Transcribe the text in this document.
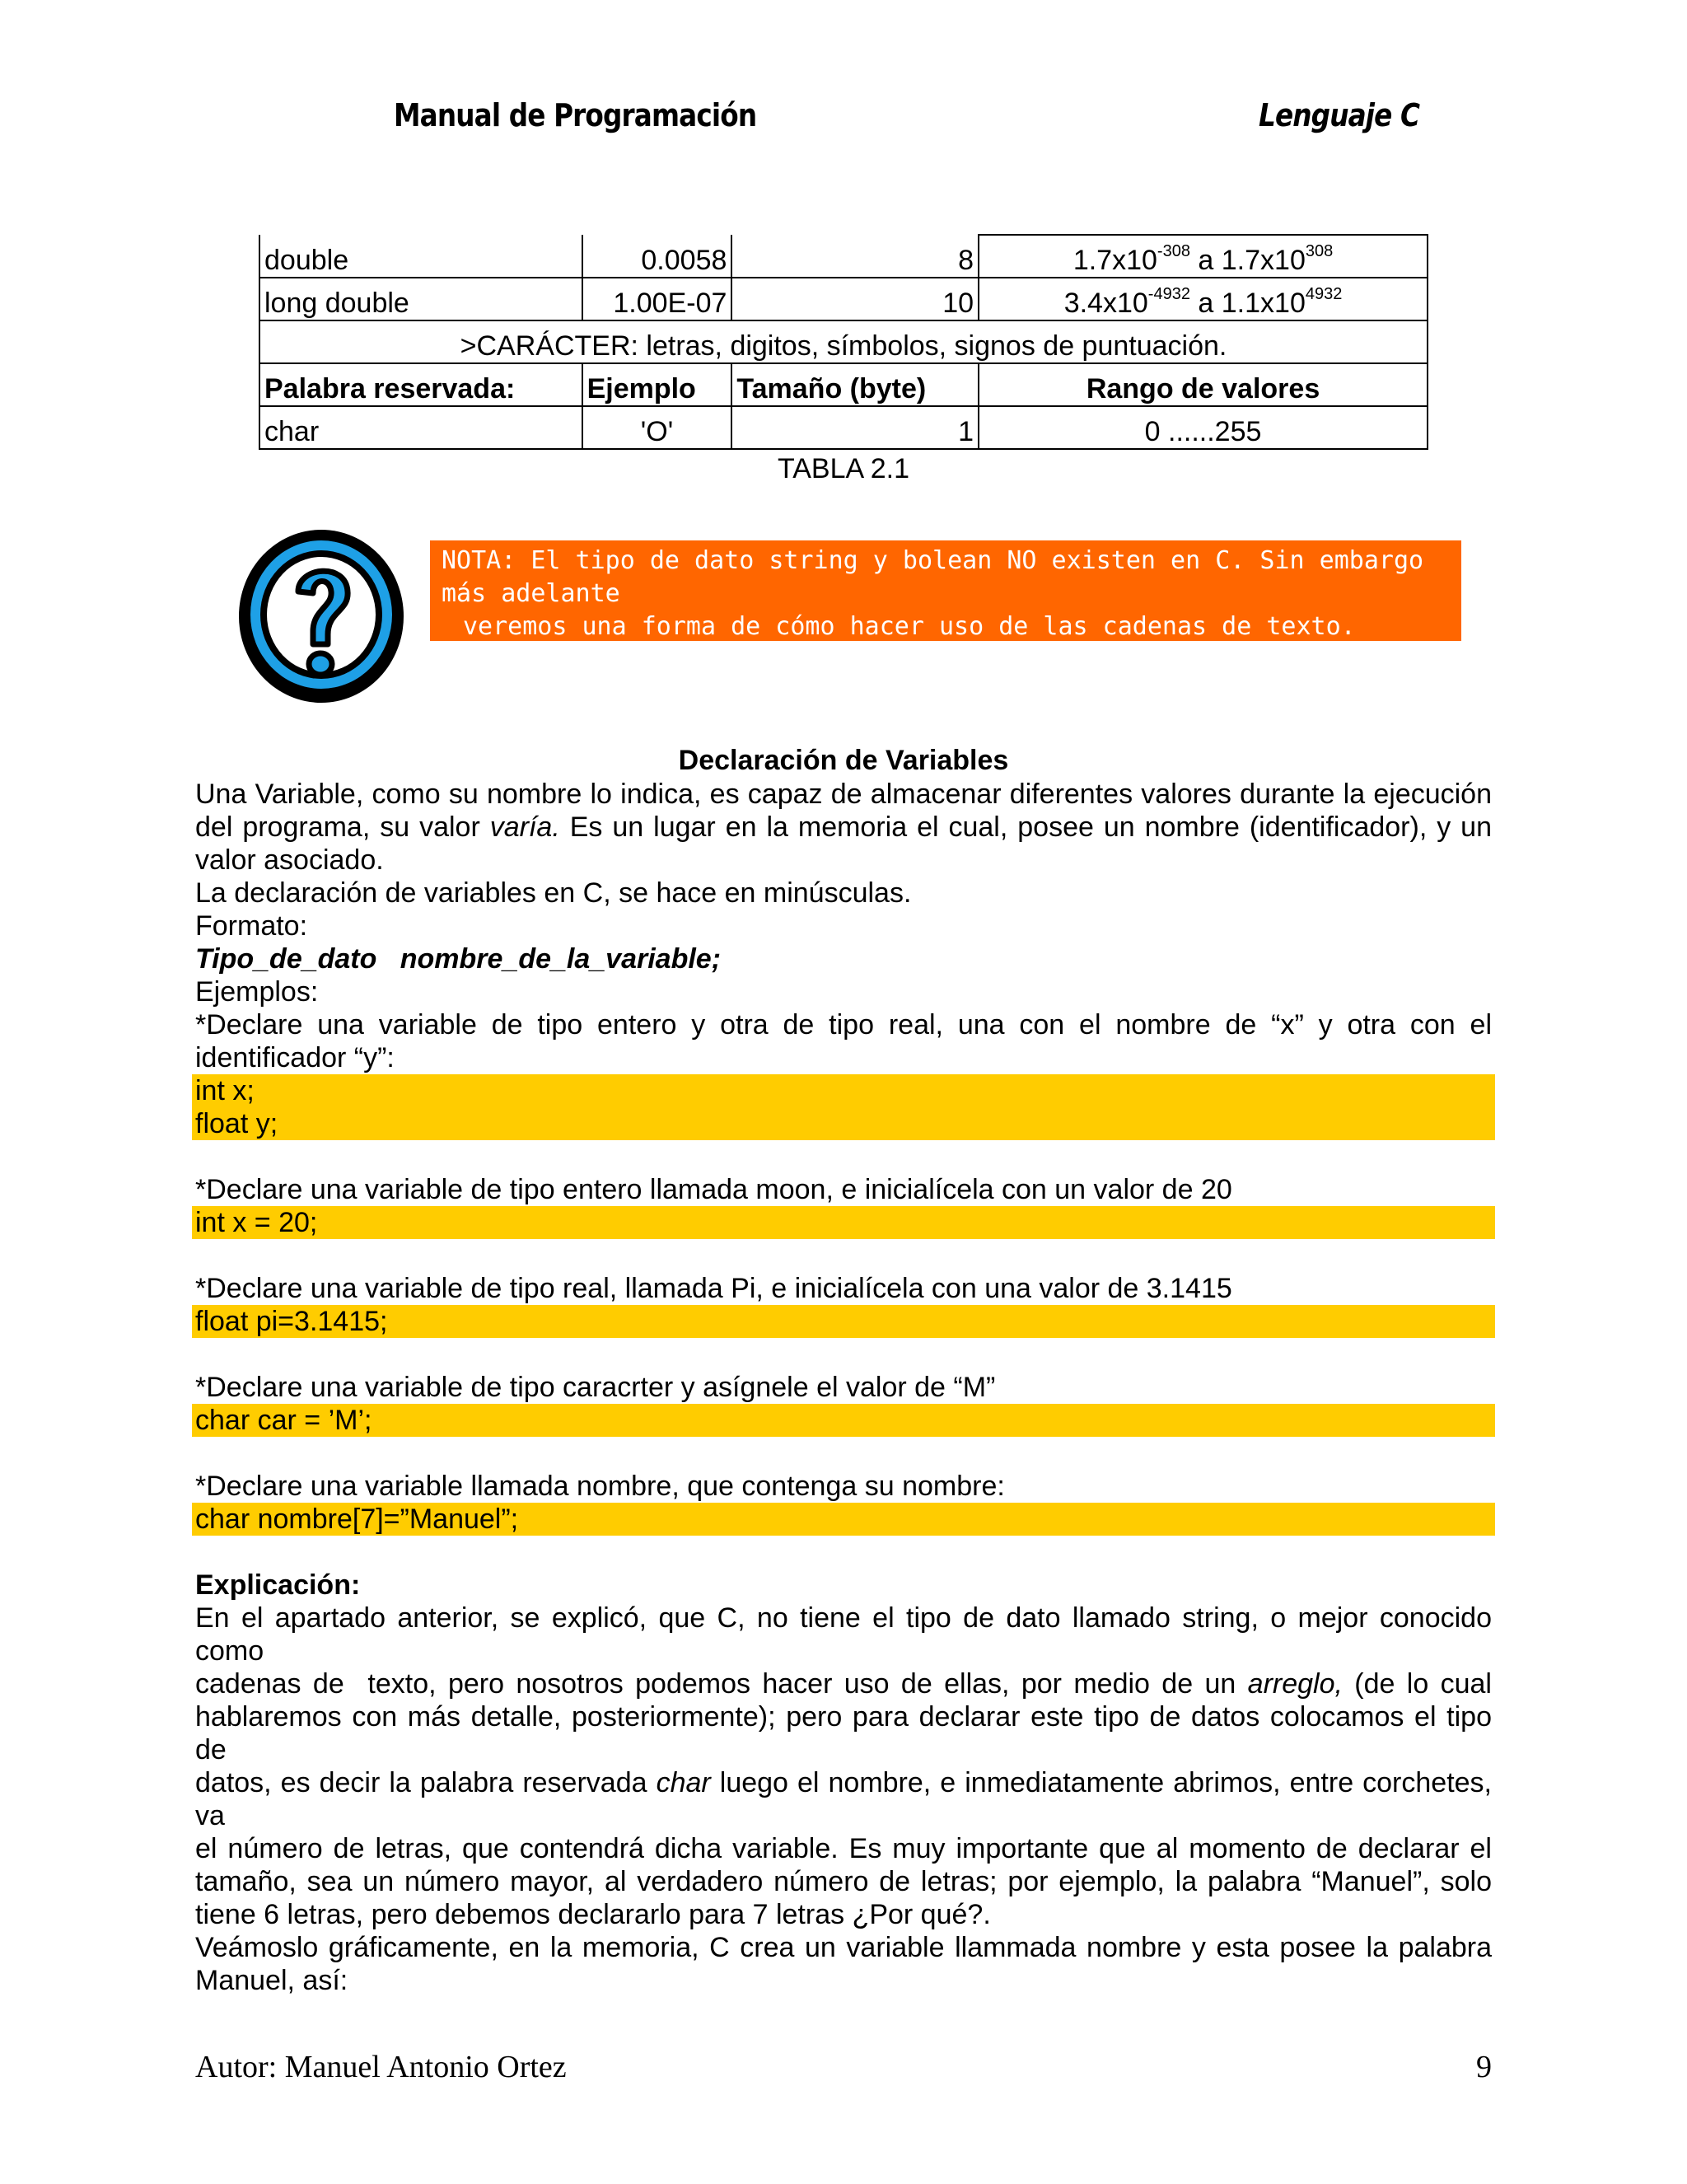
Manual de Programación	Lenguaje C
double	0.0058	8	$1.7x10^{-308}$ a $1.7x10^{308}$
long double	1.00E-07	10	$3.4x10^{-4932}$ a $1.1x10^{4932}$
>CARÁCTER: letras, digitos, símbolos, signos de puntuación.			
Palabra reservada:	Ejemplo	Tamaño (byte)	Rango de valores
char	'O'	1	0 ......255
TABLA 2.1
NOTA: El tipo de dato string y bolean NO existen en C. Sin embargo más adelante
veremos una forma de cómo hacer uso de las cadenas de texto.
Declaración de Variables
Una Variable, como su nombre lo indica, es capaz de almacenar diferentes valores durante la ejecución
del programa, su valor varía. Es un lugar en la memoria el cual, posee un nombre (identificador), y un
valor asociado.
La declaración de variables en C, se hace en minúsculas.
Formato:
Tipo_de_dato   nombre_de_la_variable;
Ejemplos:
*Declare una variable de tipo entero y otra de tipo real, una con el nombre de “x” y otra con el
identificador “y”:
int x;
float y;
*Declare una variable de tipo entero llamada moon, e inicialícela con un valor de 20
int x = 20;
*Declare una variable de tipo real, llamada Pi, e inicialícela con una valor de 3.1415
float pi=3.1415;
*Declare una variable de tipo caracrter y asígnele el valor de “M”
char car = ’M’;
*Declare una variable llamada nombre, que contenga su nombre:
char nombre[7]=”Manuel”;
Explicación:
En el apartado anterior, se explicó, que C, no tiene el tipo de dato llamado string, o mejor conocido como
cadenas de  texto, pero nosotros podemos hacer uso de ellas, por medio de un arreglo, (de lo cual
hablaremos con más detalle, posteriormente); pero para declarar este tipo de datos colocamos el tipo de
datos, es decir la palabra reservada char luego el nombre, e inmediatamente abrimos, entre corchetes, va
el número de letras, que contendrá dicha variable. Es muy importante que al momento de declarar el
tamaño, sea un número mayor, al verdadero número de letras; por ejemplo, la palabra “Manuel”, solo
tiene 6 letras, pero debemos declararlo para 7 letras ¿Por qué?.
Veámoslo gráficamente, en la memoria, C crea un variable llammada nombre y esta posee la palabra
Manuel, así:
Autor: Manuel Antonio Ortez	9
